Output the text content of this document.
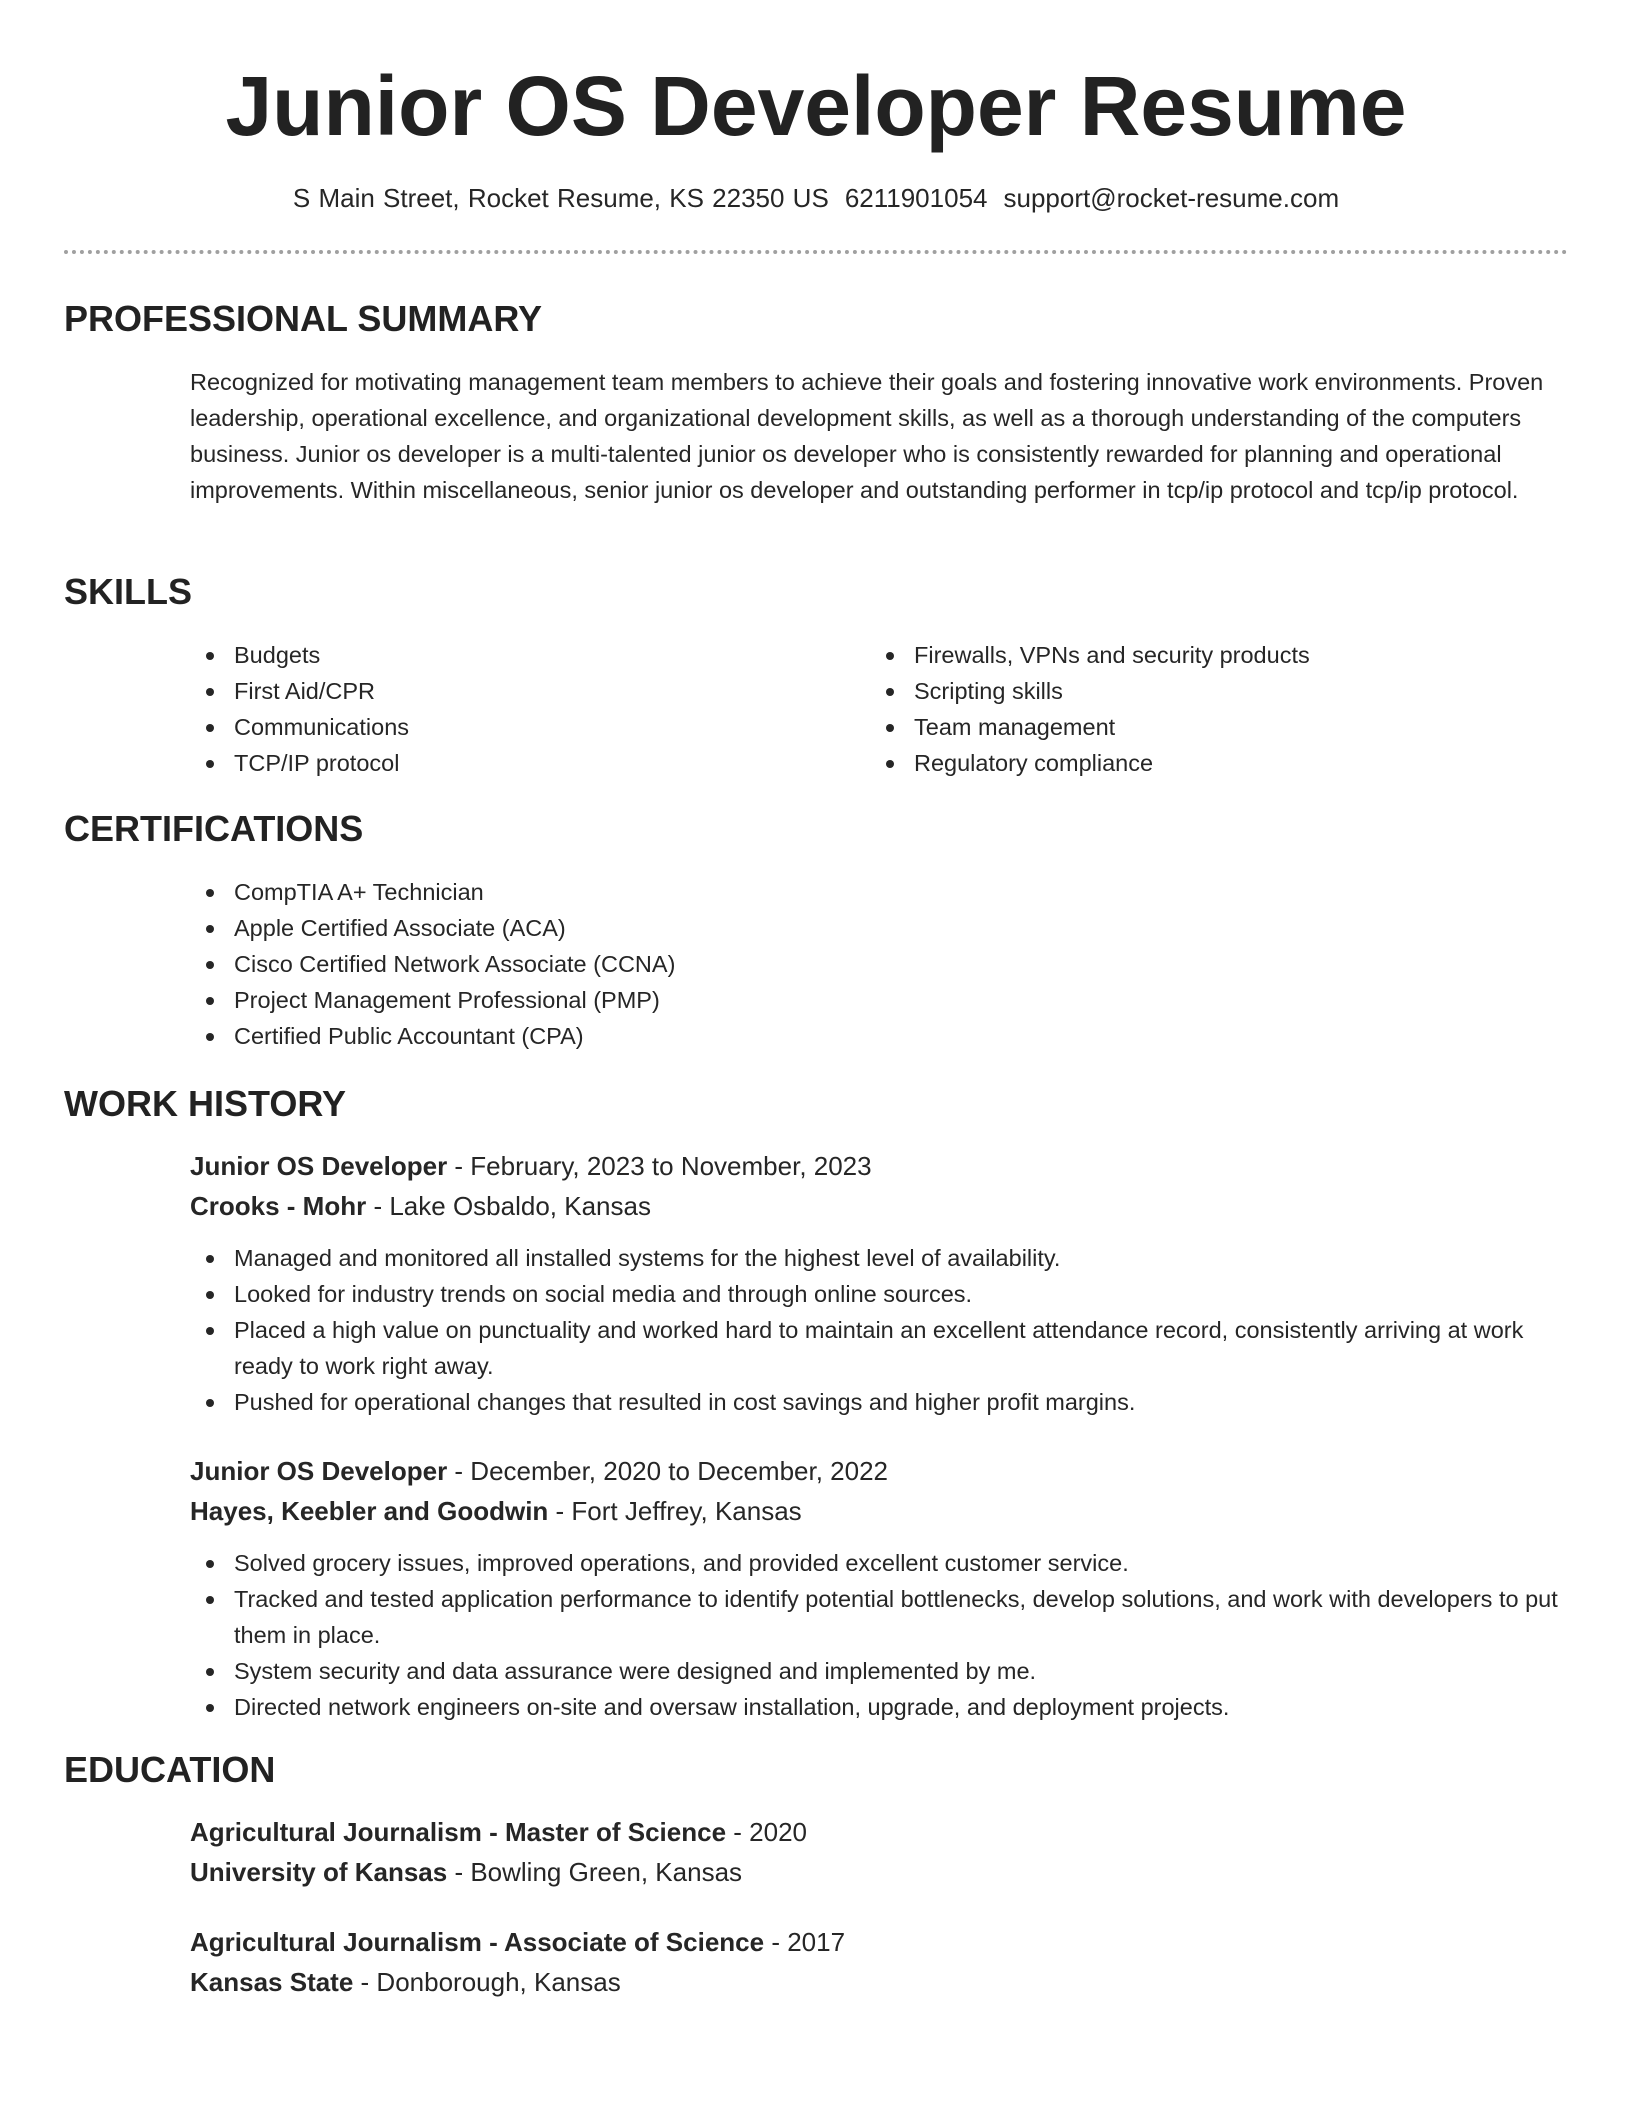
Junior OS Developer Resume
S Main Street, Rocket Resume, KS 22350 US 6211901054 support@rocket-resume.com
PROFESSIONAL SUMMARY

Recognized for motivating management team members to achieve their goals and fostering innovative work environments. Proven leadership, operational excellence, and organizational development skills, as well as a thorough understanding of the computers business. Junior os developer is a multi-talented junior os developer who is consistently rewarded for planning and operational improvements. Within miscellaneous, senior junior os developer and outstanding performer in tcp/ip protocol and tcp/ip protocol.

SKILLS
Budgets
First Aid/CPR
Communications
TCP/IP protocol
Firewalls, VPNs and security products
Scripting skills
Team management
Regulatory compliance
CERTIFICATIONS
CompTIA A+ Technician
Apple Certified Associate (ACA)
Cisco Certified Network Associate (CCNA)
Project Management Professional (PMP)
Certified Public Accountant (CPA)
WORK HISTORY
Junior OS Developer - February, 2023 to November, 2023
Crooks - Mohr - Lake Osbaldo, Kansas
Managed and monitored all installed systems for the highest level of availability.
Looked for industry trends on social media and through online sources.
Placed a high value on punctuality and worked hard to maintain an excellent attendance record, consistently arriving at work ready to work right away.
Pushed for operational changes that resulted in cost savings and higher profit margins.
Junior OS Developer - December, 2020 to December, 2022
Hayes, Keebler and Goodwin - Fort Jeffrey, Kansas
Solved grocery issues, improved operations, and provided excellent customer service.
Tracked and tested application performance to identify potential bottlenecks, develop solutions, and work with developers to put them in place.
System security and data assurance were designed and implemented by me.
Directed network engineers on-site and oversaw installation, upgrade, and deployment projects.
EDUCATION
Agricultural Journalism - Master of Science - 2020
University of Kansas - Bowling Green, Kansas
Agricultural Journalism - Associate of Science - 2017
Kansas State - Donborough, Kansas
